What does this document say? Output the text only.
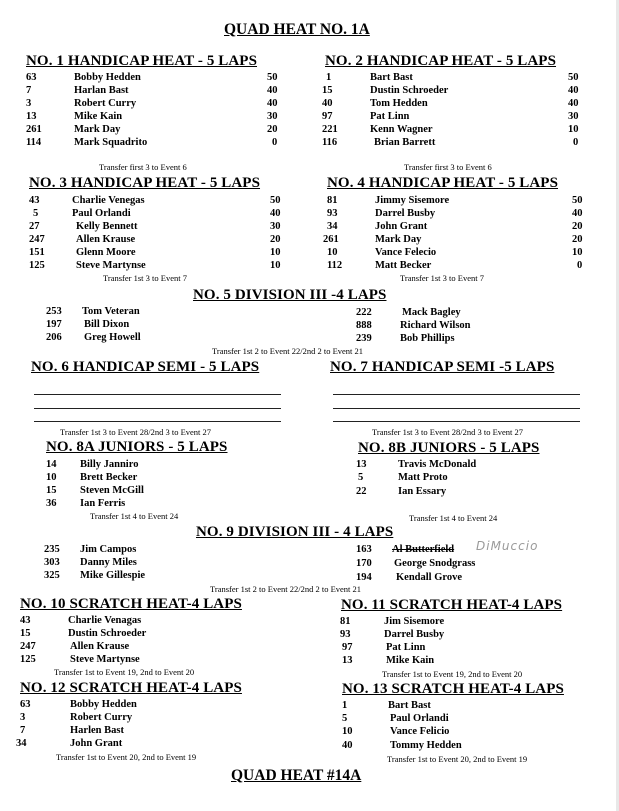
QUAD HEAT NO. 1A
NO. 1 HANDICAP HEAT - 5 LAPS
63	Bobby Hedden	50
7	Harlan Bast	40
3	Robert Curry	40
13	Mike Kain	30
261	Mark Day	20
114	Mark Squadrito	0
Transfer first 3 to Event 6
NO. 2 HANDICAP HEAT - 5 LAPS
1	Bart Bast	50
15	Dustin Schroeder	40
40	Tom Hedden	40
97	Pat Linn	30
221	Kenn Wagner	10
116	Brian Barrett	0
Transfer first 3 to Event 6
NO. 3 HANDICAP HEAT - 5 LAPS
43	Charlie Venegas	50
5	Paul Orlandi	40
27	Kelly Bennett	30
247	Allen Krause	20
151	Glenn Moore	10
125	Steve Martynse	10
Transfer 1st 3 to Event 7
NO. 4 HANDICAP HEAT - 5 LAPS
81	Jimmy Sisemore	50
93	Darrel Busby	40
34	John Grant	20
261	Mark Day	20
10	Vance Felecio	10
112	Matt Becker	0
Transfer 1st 3 to Event 7
NO. 5 DIVISION III -4 LAPS
253 Tom Veteran
197 Bill Dixon
206 Greg Howell
222	Mack Bagley
888	Richard Wilson
239	Bob Phillips
Transfer 1st 2 to Event 22/2nd 2 to Event 21
NO. 6 HANDICAP SEMI - 5 LAPS
Transfer 1st 3 to Event 28/2nd 3 to Event 27
NO. 7 HANDICAP SEMI -5 LAPS
Transfer 1st 3 to Event 28/2nd 3 to Event 27
NO. 8A JUNIORS - 5 LAPS
14 Billy Janniro
10 Brett Becker
15 Steven McGill
36 Ian Ferris
Transfer 1st 4 to Event 24
NO. 8B JUNIORS - 5 LAPS
13	Travis McDonald
5	Matt Proto
22	Ian Essary
Transfer 1st 4 to Event 24
NO. 9 DIVISION III - 4 LAPS
235 Jim Campos
303 Danny Miles
325 Mike Gillespie
163 Al Butterfield
170 George Snodgrass
194 Kendall Grove
DiMuccio
Transfer 1st 2 to Event 22/2nd 2 to Event 21
NO. 10 SCRATCH HEAT-4 LAPS
43	Charlie Venagas
15	Dustin Schroeder
247	Allen Krause
125	Steve Martynse
Transfer 1st to Event 19, 2nd to Event 20
NO. 11 SCRATCH HEAT-4 LAPS
81	Jim Sisemore
93	Darrel Busby
97	Pat Linn
13	Mike Kain
Transfer 1st to Event 19, 2nd to Event 20
NO. 12 SCRATCH HEAT-4 LAPS
63	Bobby Hedden
3	Robert Curry
7	Harlen Bast
34	John Grant
Transfer 1st to Event 20, 2nd to Event 19
NO. 13 SCRATCH HEAT-4 LAPS
1	Bart Bast
5	Paul Orlandi
10	Vance Felicio
40	Tommy Hedden
Transfer 1st to Event 20, 2nd to Event 19
QUAD HEAT #14A
